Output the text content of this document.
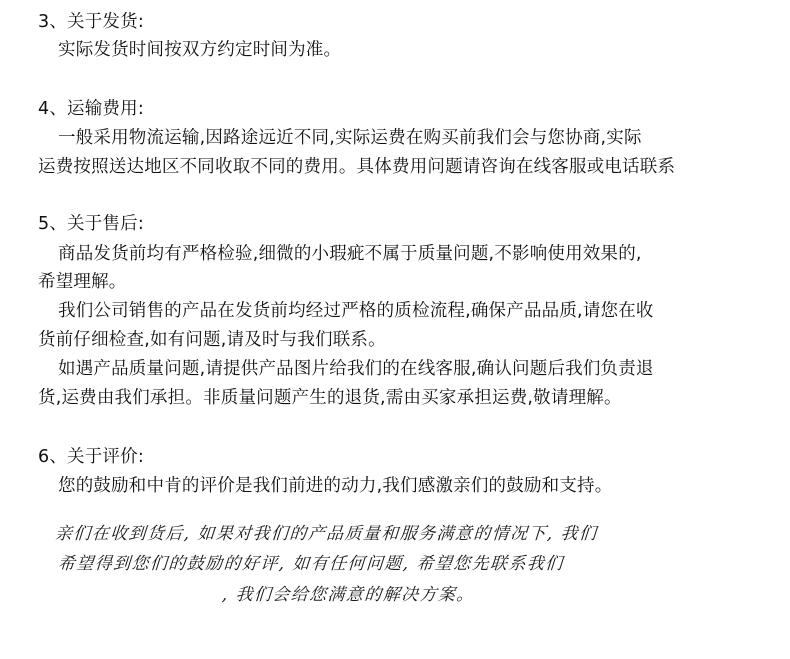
3、关于发货:
实际发货时间按双方约定时间为准。
4、运输费用:
一般采用物流运输,因路途远近不同,实际运费在购买前我们会与您协商,实际
运费按照送达地区不同收取不同的费用。具体费用问题请咨询在线客服或电话联系
5、关于售后:
商品发货前均有严格检验,细微的小瑕疵不属于质量问题,不影响使用效果的,
希望理解。
我们公司销售的产品在发货前均经过严格的质检流程,确保产品品质,请您在收
货前仔细检查,如有问题,请及时与我们联系。
如遇产品质量问题,请提供产品图片给我们的在线客服,确认问题后我们负责退
货,运费由我们承担。非质量问题产生的退货,需由买家承担运费,敬请理解。
6、关于评价:
您的鼓励和中肯的评价是我们前进的动力,我们感激亲们的鼓励和支持。
亲们在收到货后, 如果对我们的产品质量和服务满意的情况下, 我们
希望得到您们的鼓励的好评, 如有任何问题, 希望您先联系我们
, 我们会给您满意的解决方案。
